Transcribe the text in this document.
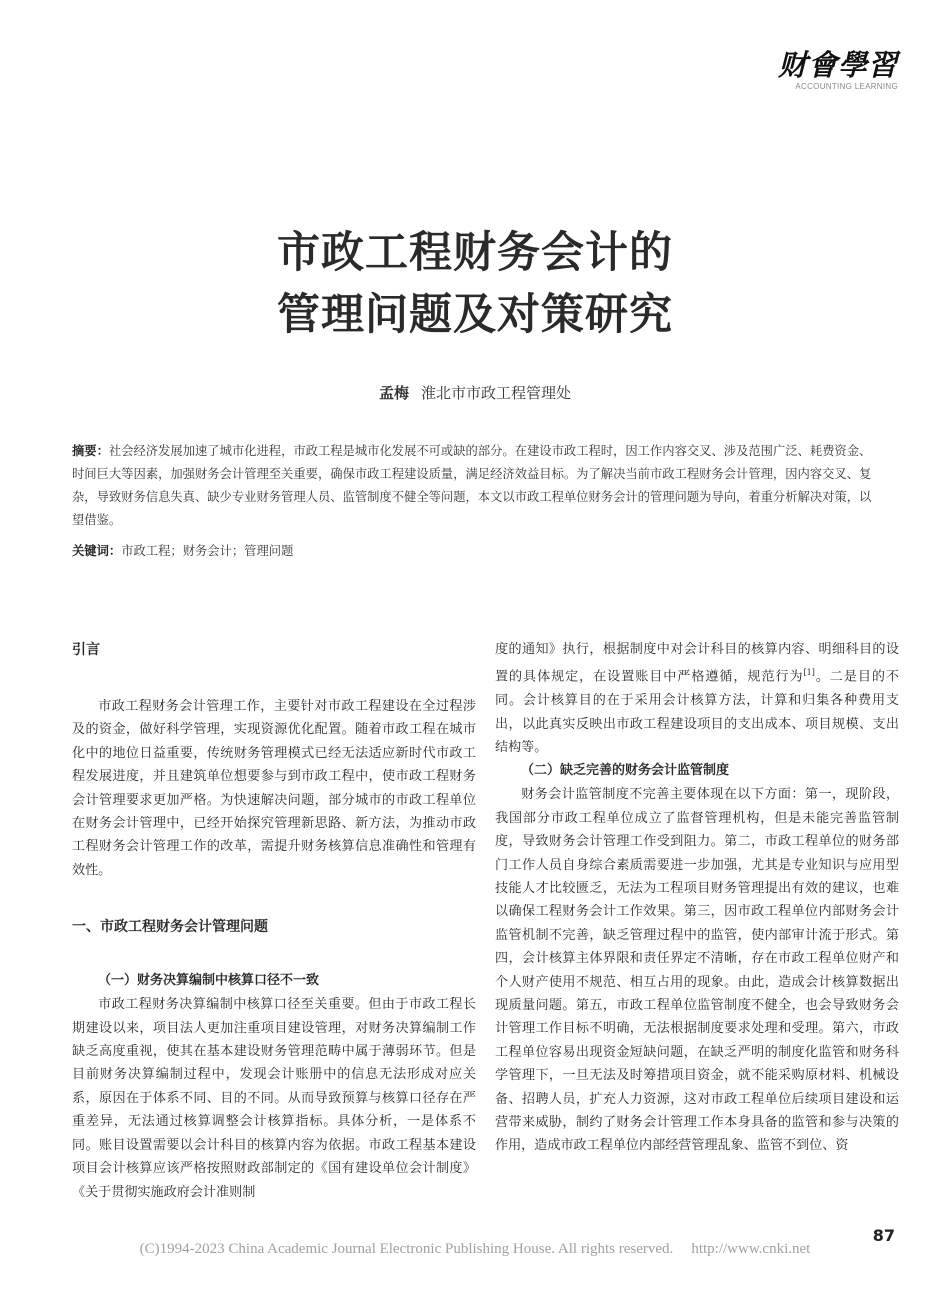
财會學習
ACCOUNTING LEARNING
市政工程财务会计的
管理问题及对策研究
孟梅 淮北市市政工程管理处
摘要：社会经济发展加速了城市化进程，市政工程是城市化发展不可或缺的部分。在建设市政工程时，因工作内容交叉、涉及范围广泛、耗费资金、时间巨大等因素，加强财务会计管理至关重要，确保市政工程建设质量，满足经济效益目标。为了解决当前市政工程财务会计管理，因内容交叉、复杂，导致财务信息失真、缺少专业财务管理人员、监管制度不健全等问题，本文以市政工程单位财务会计的管理问题为导向，着重分析解决对策，以望借鉴。
关键词：市政工程；财务会计；管理问题
引言

市政工程财务会计管理工作，主要针对市政工程建设在全过程涉及的资金，做好科学管理，实现资源优化配置。随着市政工程在城市化中的地位日益重要，传统财务管理模式已经无法适应新时代市政工程发展进度，并且建筑单位想要参与到市政工程中，使市政工程财务会计管理要求更加严格。为快速解决问题，部分城市的市政工程单位在财务会计管理中，已经开始探究管理新思路、新方法，为推动市政工程财务会计管理工作的改革，需提升财务核算信息准确性和管理有效性。

一、市政工程财务会计管理问题
（一）财务决算编制中核算口径不一致

市政工程财务决算编制中核算口径至关重要。但由于市政工程长期建设以来，项目法人更加注重项目建设管理，对财务决算编制工作缺乏高度重视，使其在基本建设财务管理范畴中属于薄弱环节。但是目前财务决算编制过程中，发现会计账册中的信息无法形成对应关系，原因在于体系不同、目的不同。从而导致预算与核算口径存在严重差异，无法通过核算调整会计核算指标。具体分析，一是体系不同。账目设置需要以会计科目的核算内容为依据。市政工程基本建设项目会计核算应该严格按照财政部制定的《国有建设单位会计制度》《关于贯彻实施政府会计准则制

度的通知》执行，根据制度中对会计科目的核算内容、明细科目的设置的具体规定，在设置账目中严格遵循，规范行为[1]。二是目的不同。会计核算目的在于采用会计核算方法，计算和归集各种费用支出，以此真实反映出市政工程建设项目的支出成本、项目规模、支出结构等。

（二）缺乏完善的财务会计监管制度

财务会计监管制度不完善主要体现在以下方面：第一，现阶段，我国部分市政工程单位成立了监督管理机构，但是未能完善监管制度，导致财务会计管理工作受到阻力。第二，市政工程单位的财务部门工作人员自身综合素质需要进一步加强，尤其是专业知识与应用型技能人才比较匮乏，无法为工程项目财务管理提出有效的建议，也难以确保工程财务会计工作效果。第三，因市政工程单位内部财务会计监管机制不完善，缺乏管理过程中的监管，使内部审计流于形式。第四，会计核算主体界限和责任界定不清晰，存在市政工程单位财产和个人财产使用不规范、相互占用的现象。由此，造成会计核算数据出现质量问题。第五，市政工程单位监管制度不健全，也会导致财务会计管理工作目标不明确，无法根据制度要求处理和受理。第六，市政工程单位容易出现资金短缺问题，在缺乏严明的制度化监管和财务科学管理下，一旦无法及时筹措项目资金，就不能采购原材料、机械设备、招聘人员，扩充人力资源，这对市政工程单位后续项目建设和运营带来威胁，制约了财务会计管理工作本身具备的监管和参与决策的作用，造成市政工程单位内部经营管理乱象、监管不到位、资

87
(C)1994-2023 China Academic Journal Electronic Publishing House. All rights reserved. http://www.cnki.net
